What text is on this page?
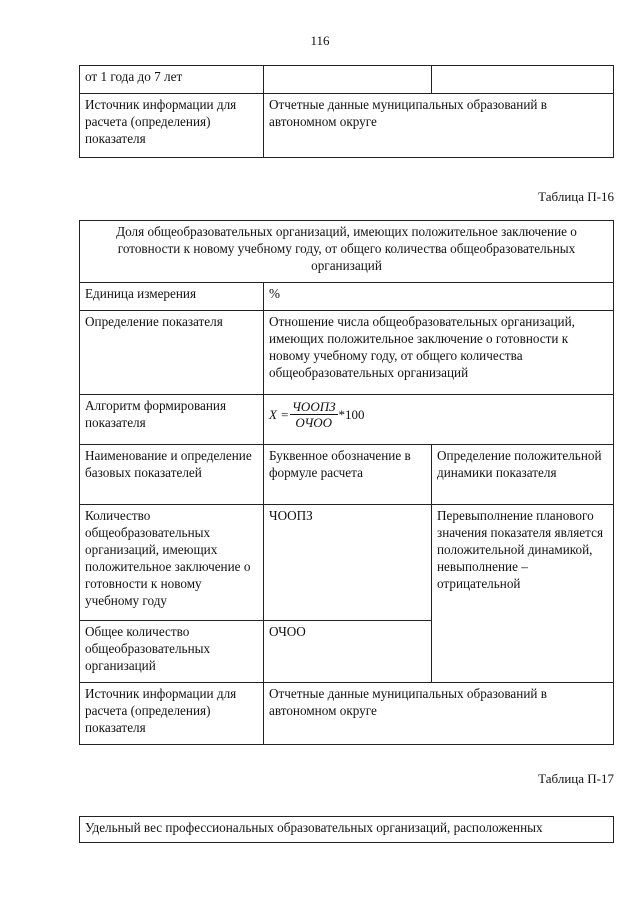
116
от 1 года до 7 лет		
Источник информации для расчета (определения) показателя	Отчетные данные муниципальных образований в автономном округе	
Таблица П-16
Доля общеобразовательных организаций, имеющих положительное заключение о готовности к новому учебному году, от общего количества общеобразовательных организаций		
Единица измерения	%	
Определение показателя	Отношение числа общеобразовательных организаций, имеющих положительное заключение о готовности к новому учебному году, от общего количества общеобразовательных организаций	
Алгоритм формирования показателя	$X = \frac{\text{ЧООПЗ}}{\text{ОЧОО}} *100$	

Наименование и определение базовых показателей	Буквенное обозначение в формуле расчета	Определение положительной динамики показателя
Количество общеобразовательных организаций, имеющих положительное заключение о готовности к новому учебному году	ЧООПЗ	Перевыполнение планового значения показателя является положительной динамикой, невыполнение – отрицательной
Общее количество общеобразовательных организаций	ОЧОО	
Источник информации для расчета (определения) показателя	Отчетные данные муниципальных образований в автономном округе	
Таблица П-17
Удельный вес профессиональных образовательных организаций, расположенных
